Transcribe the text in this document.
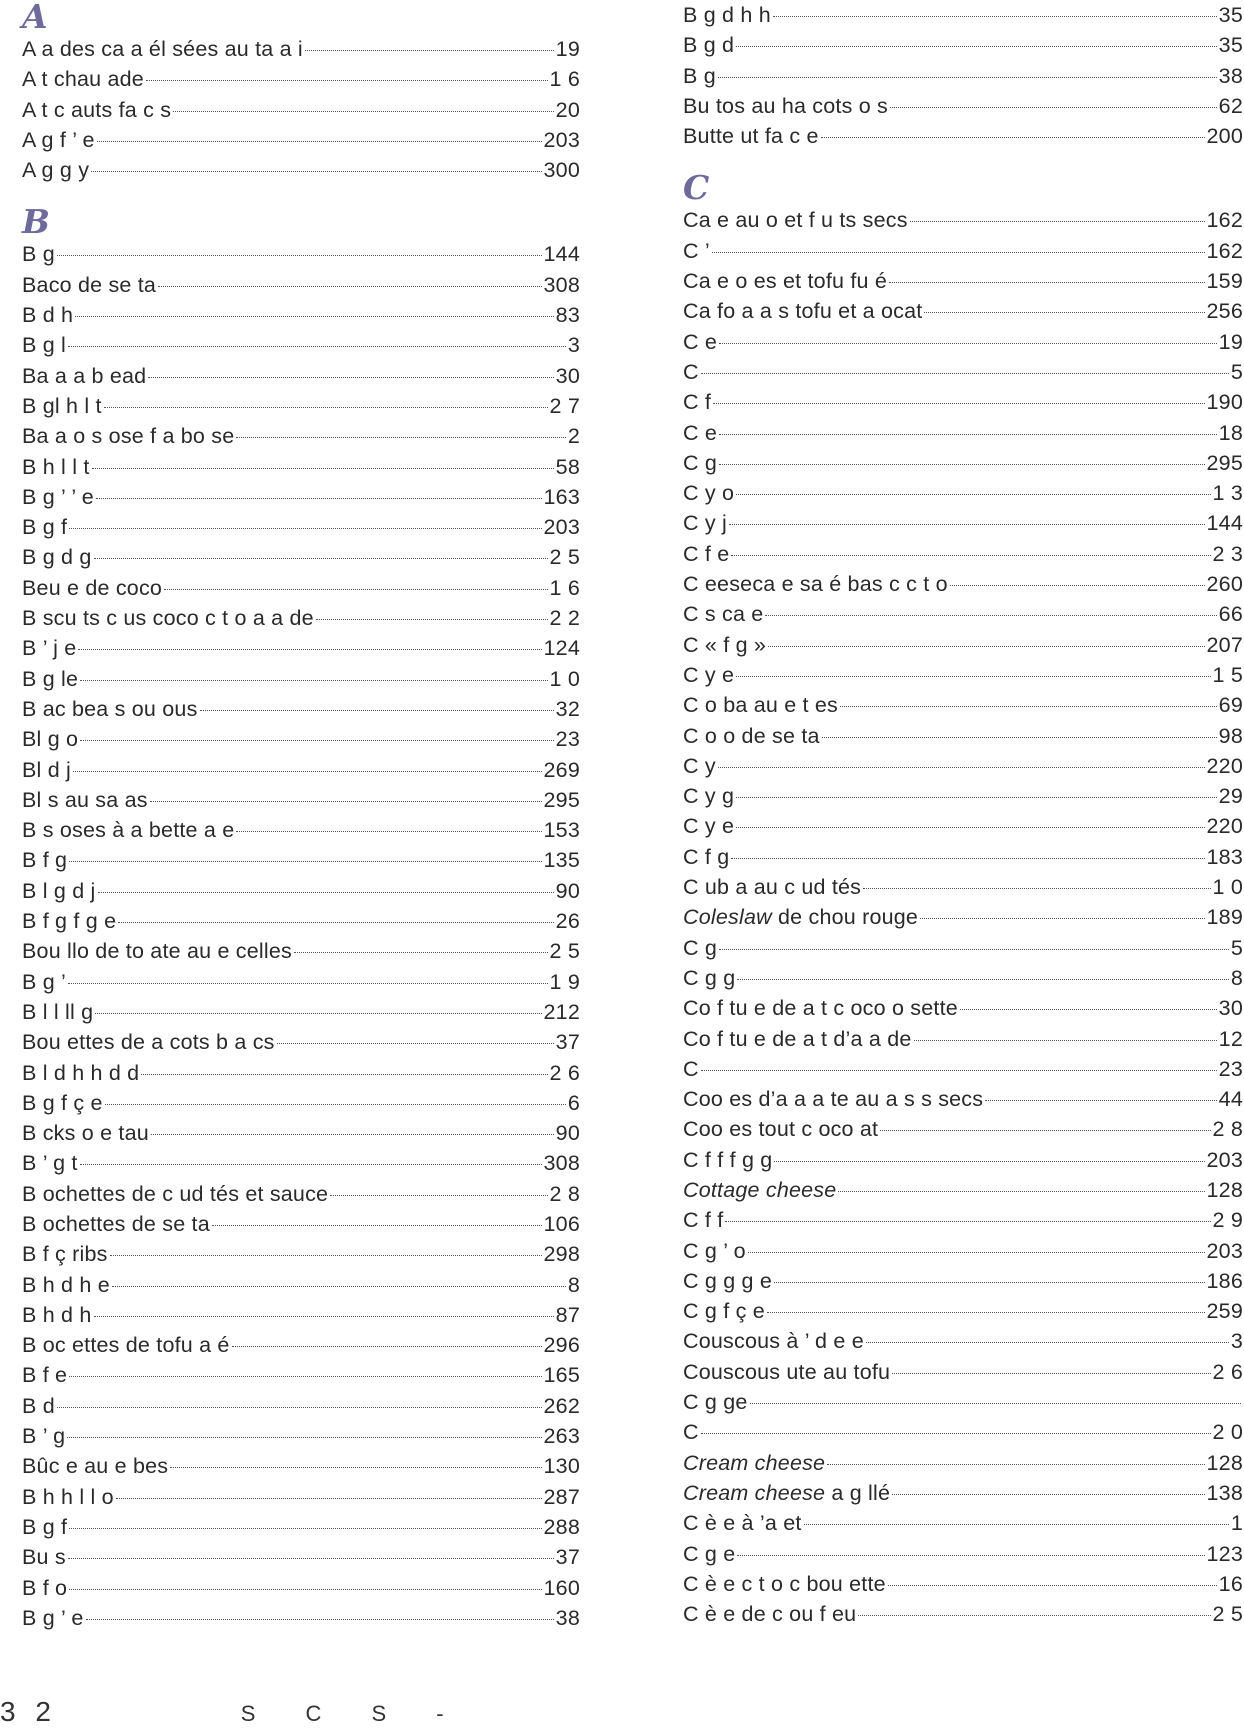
A
A a des ca a él sées au ta a i	19
A t chau ade	1 6
A t c auts fa c s	20
A g f ’ e	203
A g g y	300
B
B g	144
Baco de se ta	308
B d h	83
B g l	3
Ba a a b ead	30
B gl h l t	2 7
Ba a o s ose f a bo se	2
B h l l t	58
B g ’ ’ e	163
B g f	203
B g d g	2 5
Beu e de coco	1 6
B scu ts c us coco c t o a a de	2 2
B ’ j e	124
B g le	1 0
B ac bea s ou ous	32
Bl g o	23
Bl d j	269
Bl s au sa as	295
B s oses à a bette a e	153
B f g	135
B l g d j	90
B f g f g e	26
Bou llo de to ate au e celles	2 5
B g ’	1 9
B l l ll g	212
Bou ettes de a cots b a cs	37
B l d h h d d	2 6
B g f ç e	6
B cks o e tau	90
B ’ g t	308
B ochettes de c ud tés et sauce	2 8
B ochettes de se ta	106
B f ç ribs	298
B h d h e	8
B h d h	87
B oc ettes de tofu a é	296
B f e	165
B d	262
B ’ g	263
Bûc e au e bes	130
B h h l l o	287
B g f	288
Bu s	37
B f o	160
B g ’ e	38
B g d h h	35
B g d	35
B g	38
Bu tos au ha cots o s	62
Butte ut fa c e	200
C
Ca e au o et f u ts secs	162
C ’	162
Ca e o es et tofu fu é	159
Ca fo a a s tofu et a ocat	256
C e	19
C	5
C f	190
C e	18
C g	295
C y o	1 3
C y j	144
C f e	2 3
C eeseca e sa é bas c c t o	260
C s ca e	66
C « f g »	207
C y e	1 5
C o ba au e t es	69
C o o de se ta	98
C y	220
C y g	29
C y e	220
C f g	183
C ub a au c ud tés	1 0
Coleslaw de chou rouge	189
C g	5
C g g	8
Co f tu e de a t c oco o sette	30
Co f tu e de a t d’a a de	12
C	23
Coo es d’a a a te au a s s secs	44
Coo es tout c oco at	2 8
C f f f g g	203
Cottage cheese	128
C f f	2 9
C g ’ o	203
C g g g e	186
C g f ç e	259
Couscous à ’ d e e	3
Couscous ute au tofu	2 6
C g ge
C	2 0
Cream cheese	128
Cream cheese a g llé	138
C è e à ’a et	1
C g e	123
C è e c t o c bou ette	16
C è e de c ou f eu	2 5
3 2	S C S -
